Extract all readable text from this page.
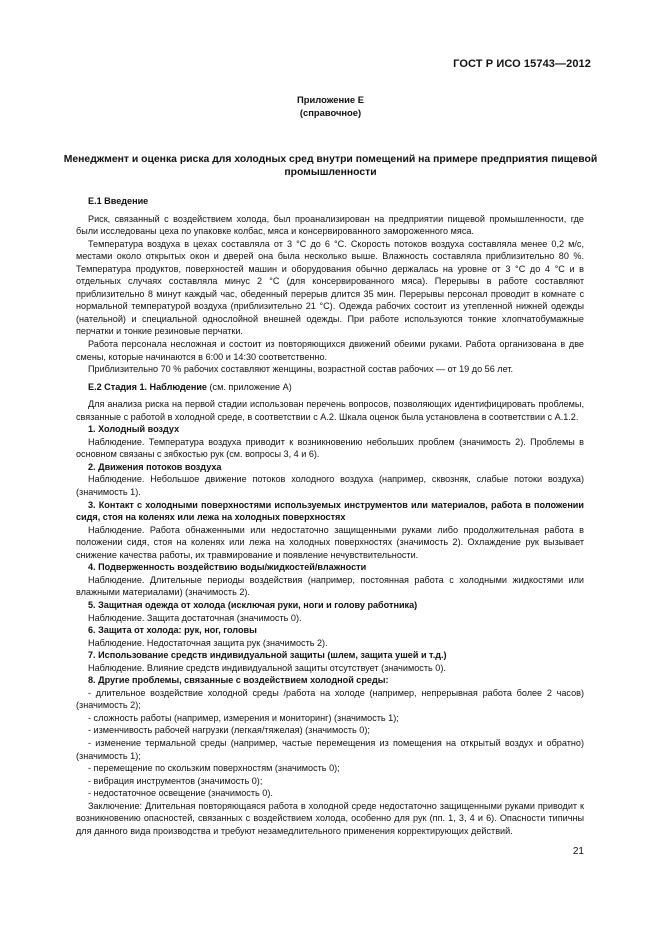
ГОСТ Р ИСО 15743—2012
Приложение Е
(справочное)
Менеджмент и оценка риска для холодных сред внутри помещений на примере предприятия пищевой промышленности

Е.1 Введение

Риск, связанный с воздействием холода, был проанализирован на предприятии пищевой промышленности, где были исследованы цеха по упаковке колбас, мяса и консервированного замороженного мяса.

Температура воздуха в цехах составляла от 3 °С до 6 °С. Скорость потоков воздуха составляла менее 0,2 м/с, местами около открытых окон и дверей она была несколько выше. Влажность составляла приблизительно 80 %. Температура продуктов, поверхностей машин и оборудования обычно держалась на уровне от 3 °С до 4 °С и в отдельных случаях составляла минус 2 °С (для консервированного мяса). Перерывы в работе составляют приблизительно 8 минут каждый час, обеденный перерыв длится 35 мин. Перерывы персонал проводит в комнате с нормальной температурой воздуха (приблизительно 21 °С). Одежда рабочих состоит из утепленной нижней одежды (нательной) и специальной однослойной внешней одежды. При работе используются тонкие хлопчатобумажные перчатки и тонкие резиновые перчатки.

Работа персонала несложная и состоит из повторяющихся движений обеими руками. Работа организована в две смены, которые начинаются в 6:00 и 14:30 соответственно.

Приблизительно 70 % рабочих составляют женщины, возрастной состав рабочих — от 19 до 56 лет.

Е.2 Стадия 1. Наблюдение (см. приложение А)

Для анализа риска на первой стадии использован перечень вопросов, позволяющих идентифицировать проблемы, связанные с работой в холодной среде, в соответствии с А.2. Шкала оценок была установлена в соответствии с А.1.2.

1. Холодный воздух

Наблюдение. Температура воздуха приводит к возникновению небольших проблем (значимость 2). Проблемы в основном связаны с зябкостью рук (см. вопросы 3, 4 и 6).

2. Движения потоков воздуха

Наблюдение. Небольшое движение потоков холодного воздуха (например, сквозняк, слабые потоки воздуха) (значимость 1).

3. Контакт с холодными поверхностями используемых инструментов или материалов, работа в положении сидя, стоя на коленях или лежа на холодных поверхностях

Наблюдение. Работа обнаженными или недостаточно защищенными руками либо продолжительная работа в положении сидя, стоя на коленях или лежа на холодных поверхностях (значимость 2). Охлаждение рук вызывает снижение качества работы, их травмирование и появление нечувствительности.

4. Подверженность воздействию воды/жидкостей/влажности

Наблюдение. Длительные периоды воздействия (например, постоянная работа с холодными жидкостями или влажными материалами) (значимость 2).

5. Защитная одежда от холода (исключая руки, ноги и голову работника)

Наблюдение. Защита достаточная (значимость 0).

6. Защита от холода: рук, ног, головы

Наблюдение. Недостаточная защита рук (значимость 2).

7. Использование средств индивидуальной защиты (шлем, защита ушей и т.д.)

Наблюдение. Влияние средств индивидуальной защиты отсутствует (значимость 0).

8. Другие проблемы, связанные с воздействием холодной среды:

- длительное воздействие холодной среды /работа на холоде (например, непрерывная работа более 2 часов) (значимость 2);

- сложность работы (например, измерения и мониторинг) (значимость 1);

- изменчивость рабочей нагрузки (легкая/тяжелая) (значимость 0);

- изменение термальной среды (например, частые перемещения из помещения на открытый воздух и обратно) (значимость 1);

- перемещение по скользким поверхностям (значимость 0);

- вибрация инструментов (значимость 0);

- недостаточное освещение (значимость 0).

Заключение: Длительная повторяющаяся работа в холодной среде недостаточно защищенными руками приводит к возникновению опасностей, связанных с воздействием холода, особенно для рук (пп. 1, 3, 4 и 6). Опасности типичны для данного вида производства и требуют незамедлительного применения корректирующих действий.

21
